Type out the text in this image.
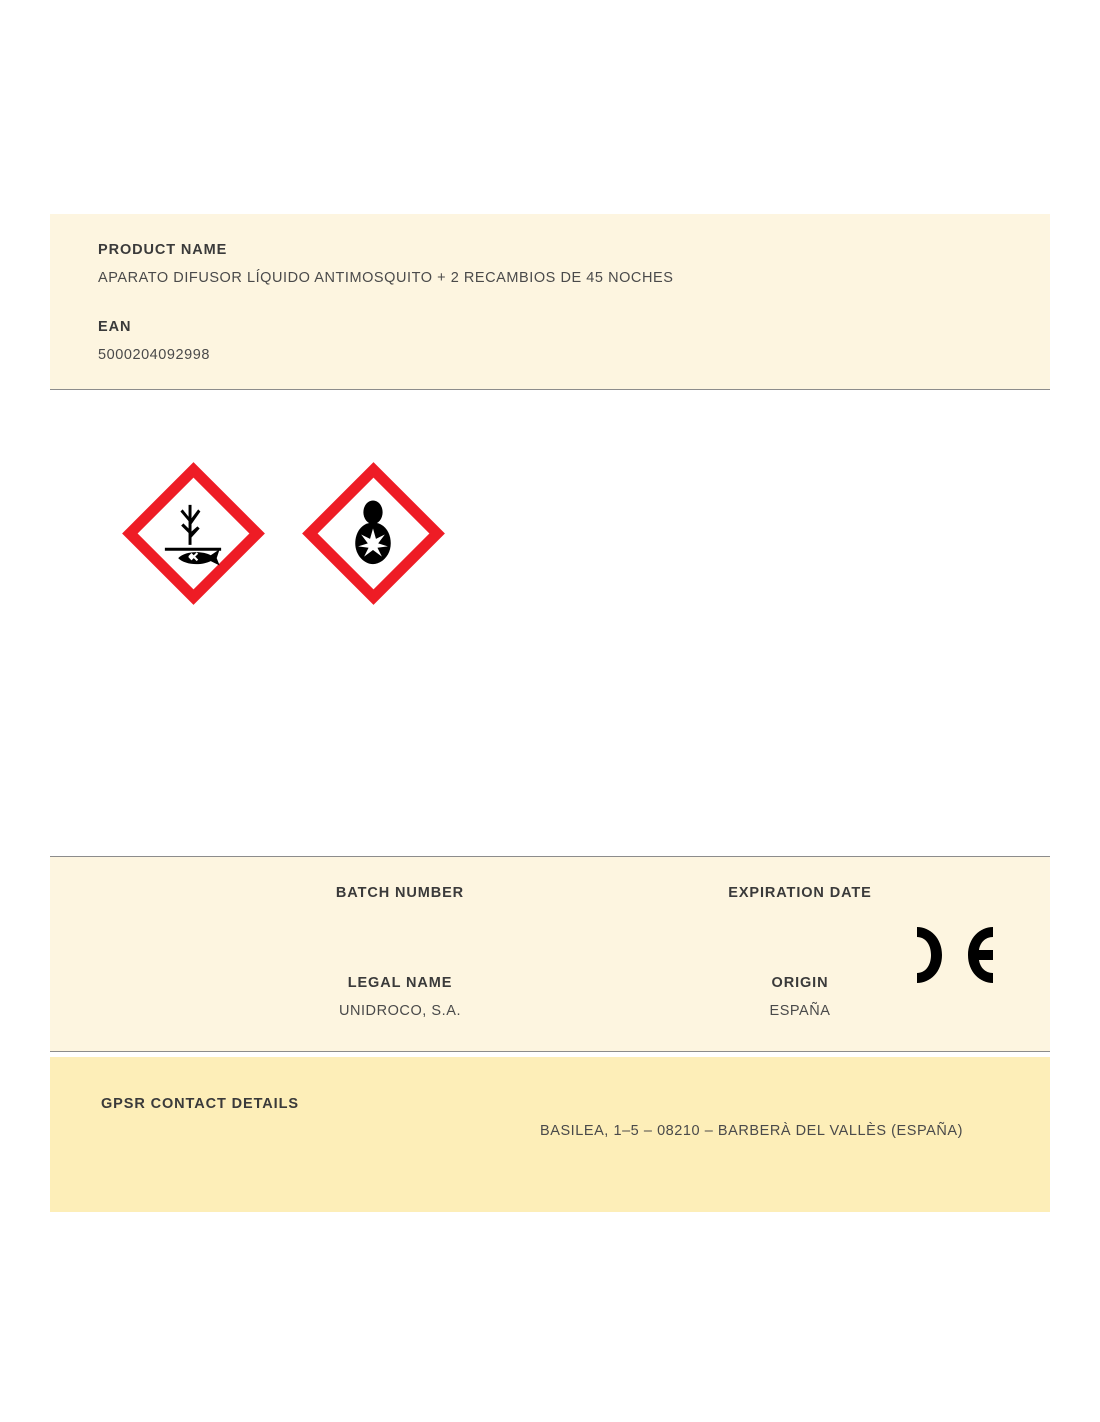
PRODUCT NAME
APARATO DIFUSOR LÍQUIDO ANTIMOSQUITO + 2 RECAMBIOS DE 45 NOCHES
EAN
5000204092998
BATCH NUMBER	EXPIRATION DATE
LEGAL NAME
UNIDROCO, S.A.
ORIGIN
ESPAÑA
GPSR CONTACT DETAILS
BASILEA, 1–5 – 08210 – BARBERÀ DEL VALLÈS (ESPAÑA)
